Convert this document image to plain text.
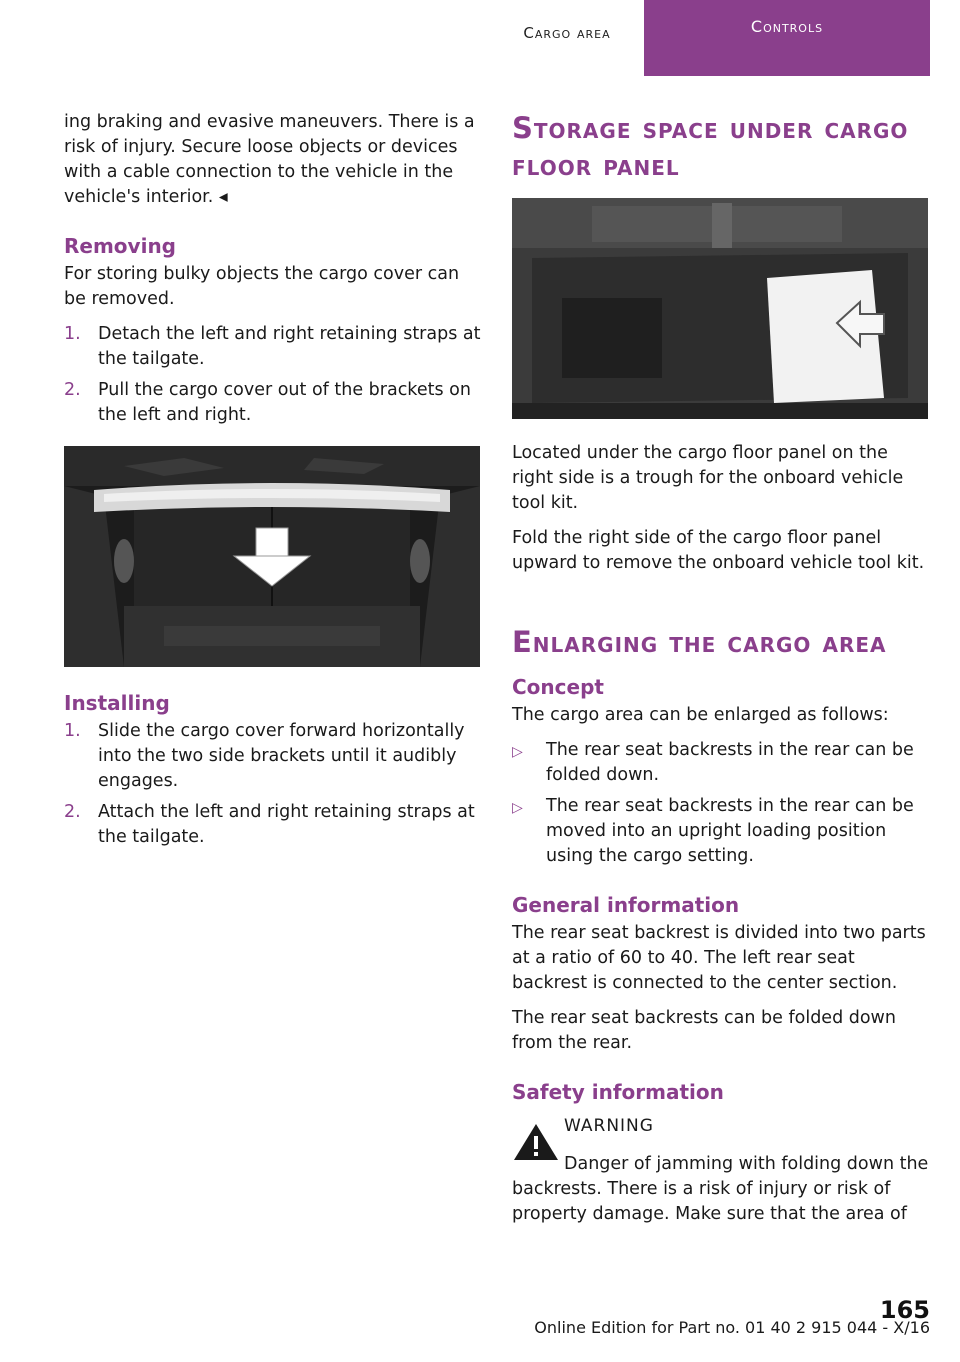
Cargo area	Controls

ing braking and evasive maneuvers. There is a risk of injury. Secure loose objects or devices with a cable connection to the vehicle in the vehicle's interior. ◂

Removing

For storing bulky objects the cargo cover can be removed.

1. Detach the left and right retaining straps at the tailgate.
2. Pull the cargo cover out of the brackets on the left and right.
Installing
1. Slide the cargo cover forward horizontally into the two side brackets until it audibly engages.
2. Attach the left and right retaining straps at the tailgate.
Storage space under cargo floor panel

Located under the cargo floor panel on the right side is a trough for the onboard vehicle tool kit.

Fold the right side of the cargo floor panel upward to remove the onboard vehicle tool kit.

Enlarging the cargo area
Concept

The cargo area can be enlarged as follows:

▷	The rear seat backrests in the rear can be folded down.
▷	The rear seat backrests in the rear can be moved into an upright loading position using the cargo setting.
General information

The rear seat backrest is divided into two parts at a ratio of 60 to 40. The left rear seat backrest is connected to the center section.

The rear seat backrests can be folded down from the rear.

Safety information
WARNING

Danger of jamming with folding down the backrests. There is a risk of injury or risk of property damage. Make sure that the area of

165
Online Edition for Part no. 01 40 2 915 044 - X/16
